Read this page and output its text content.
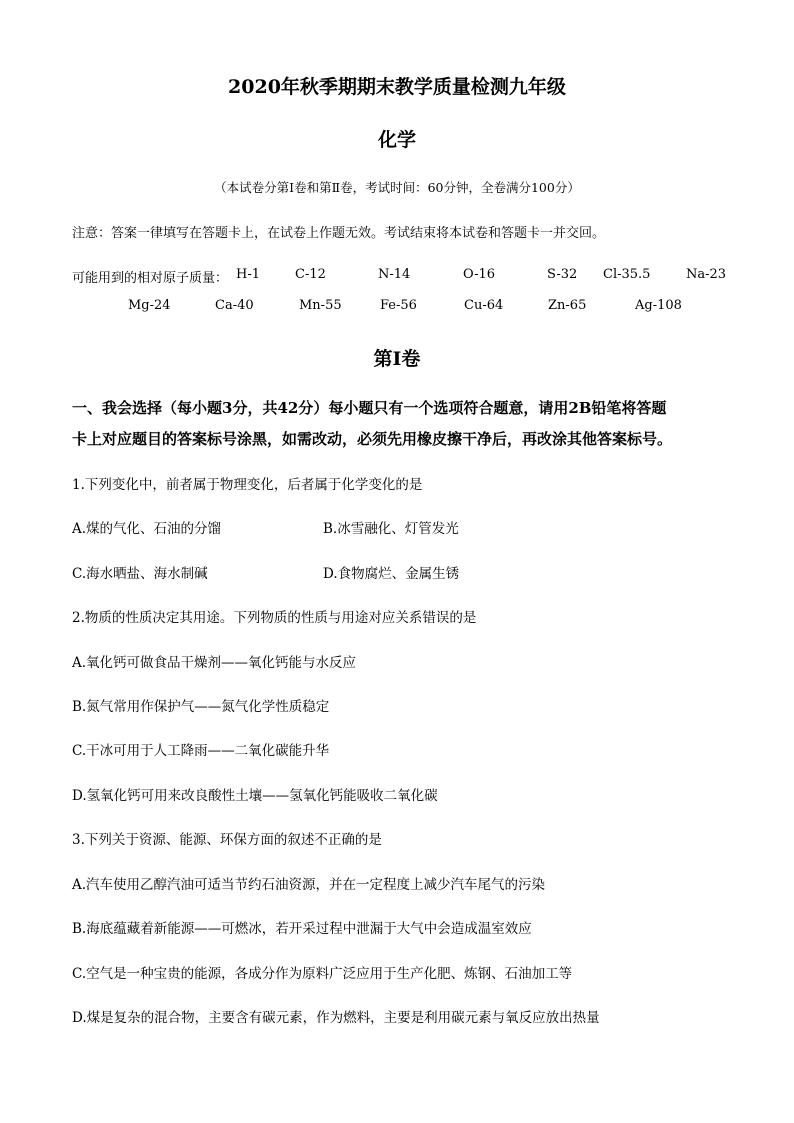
2020年秋季期期末教学质量检测九年级
化学
（本试卷分第Ⅰ卷和第Ⅱ卷，考试时间：60分钟，全卷满分100分）
注意：答案一律填写在答题卡上，在试卷上作题无效。考试结束将本试卷和答题卡一并交回。
可能用到的相对原子质量： H-1	C-12	N-14	O-16	S-32 Cl-35.5	Na-23
Mg-24	Ca-40	Mn-55	Fe-56	Cu-64	Zn-65	Ag-108
第Ⅰ卷
一、我会选择（每小题3分，共42分）每小题只有一个选项符合题意，请用2B铅笔将答题
卡上对应题目的答案标号涂黑，如需改动，必须先用橡皮擦干净后，再改涂其他答案标号。
1.下列变化中，前者属于物理变化，后者属于化学变化的是
A.煤的气化、石油的分馏	B.冰雪融化、灯管发光
C.海水晒盐、海水制碱	D.食物腐烂、金属生锈
2.物质的性质决定其用途。下列物质的性质与用途对应关系错误的是
A.氧化钙可做食品干燥剂——氧化钙能与水反应
B.氮气常用作保护气——氮气化学性质稳定
C.干冰可用于人工降雨——二氧化碳能升华
D.氢氧化钙可用来改良酸性土壤——氢氧化钙能吸收二氧化碳
3.下列关于资源、能源、环保方面的叙述不正确的是
A.汽车使用乙醇汽油可适当节约石油资源，并在一定程度上减少汽车尾气的污染
B.海底蕴藏着新能源——可燃冰，若开采过程中泄漏于大气中会造成温室效应
C.空气是一种宝贵的能源，各成分作为原料广泛应用于生产化肥、炼钢、石油加工等
D.煤是复杂的混合物，主要含有碳元素，作为燃料，主要是利用碳元素与氧反应放出热量
